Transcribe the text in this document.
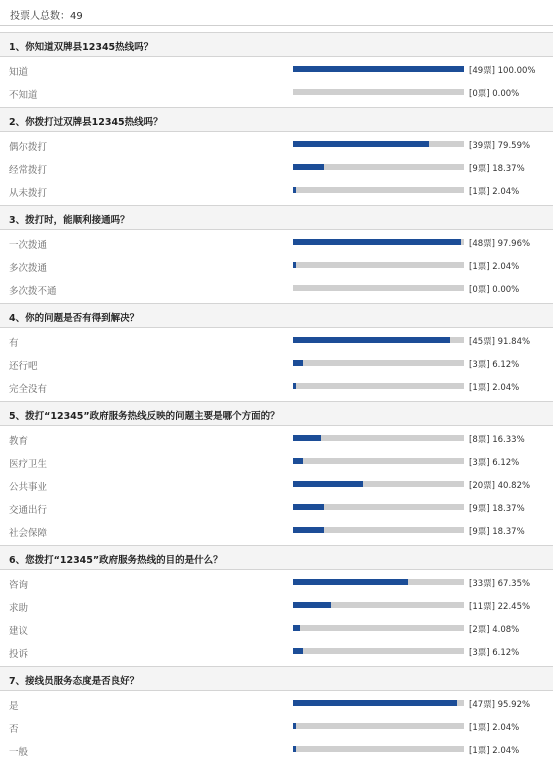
投票人总数：49
1、你知道双牌县12345热线吗？
知道	[49票] 100.00%
不知道	[0票] 0.00%
2、你拨打过双牌县12345热线吗？
偶尔拨打	[39票] 79.59%
经常拨打	[9票] 18.37%
从未拨打	[1票] 2.04%
3、拨打时，能顺利接通吗？
一次拨通	[48票] 97.96%
多次拨通	[1票] 2.04%
多次拨不通	[0票] 0.00%
4、你的问题是否有得到解决？
有	[45票] 91.84%
还行吧	[3票] 6.12%
完全没有	[1票] 2.04%
5、拨打“12345”政府服务热线反映的问题主要是哪个方面的？
教育	[8票] 16.33%
医疗卫生	[3票] 6.12%
公共事业	[20票] 40.82%
交通出行	[9票] 18.37%
社会保障	[9票] 18.37%
6、您拨打“12345”政府服务热线的目的是什么？
咨询	[33票] 67.35%
求助	[11票] 22.45%
建议	[2票] 4.08%
投诉	[3票] 6.12%
7、接线员服务态度是否良好？
是	[47票] 95.92%
否	[1票] 2.04%
一般	[1票] 2.04%
